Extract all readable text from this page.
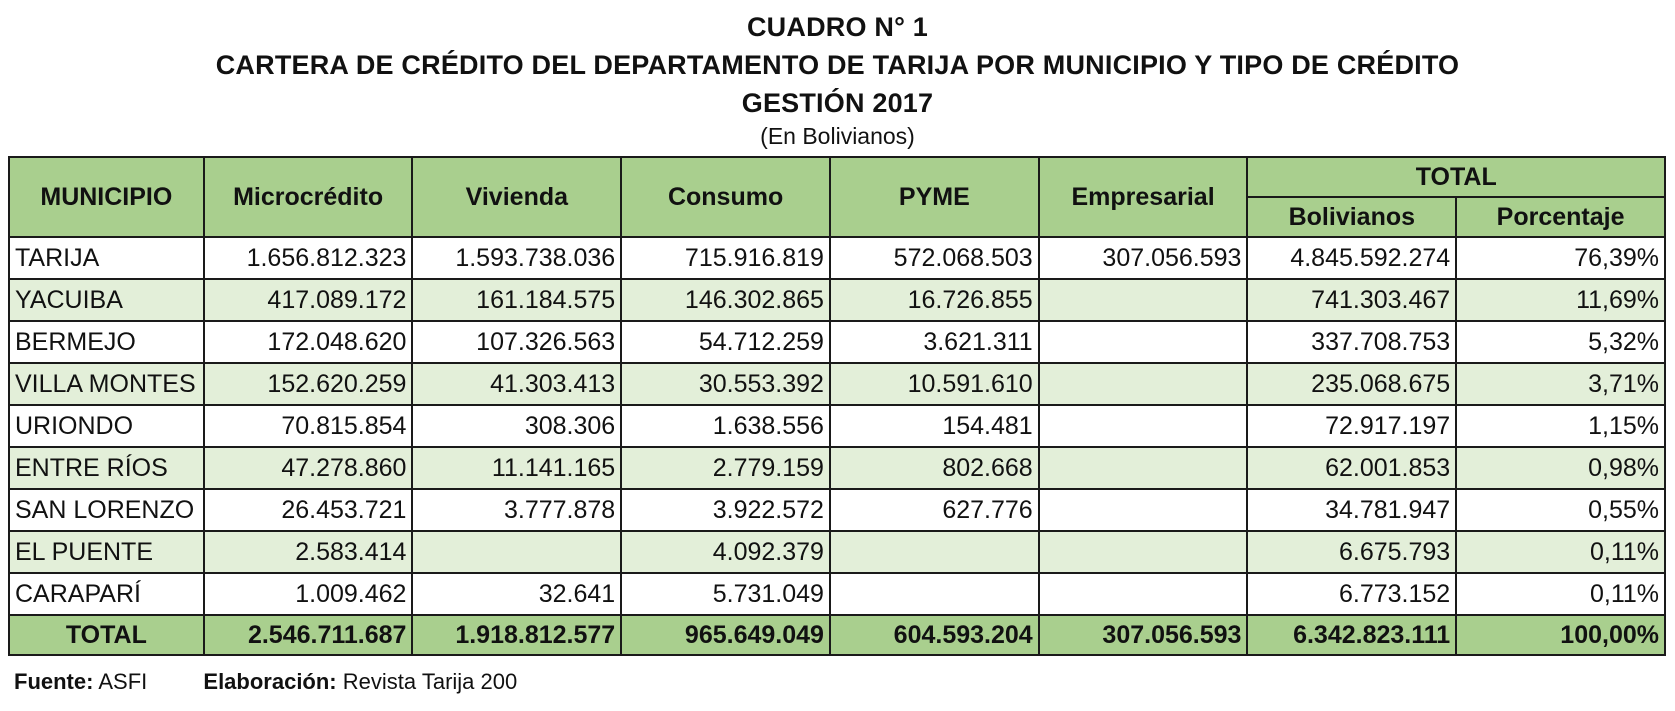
CUADRO N° 1
CARTERA DE CRÉDITO DEL DEPARTAMENTO DE TARIJA POR MUNICIPIO Y TIPO DE CRÉDITO
GESTIÓN 2017
(En Bolivianos)
MUNICIPIO	Microcrédito	Vivienda	Consumo	PYME	Empresarial	TOTAL	
						Bolivianos	Porcentaje
TARIJA	1.656.812.323	1.593.738.036	715.916.819	572.068.503	307.056.593	4.845.592.274	76,39%
YACUIBA	417.089.172	161.184.575	146.302.865	16.726.855		741.303.467	11,69%
BERMEJO	172.048.620	107.326.563	54.712.259	3.621.311		337.708.753	5,32%
VILLA MONTES	152.620.259	41.303.413	30.553.392	10.591.610		235.068.675	3,71%
URIONDO	70.815.854	308.306	1.638.556	154.481		72.917.197	1,15%
ENTRE RÍOS	47.278.860	11.141.165	2.779.159	802.668		62.001.853	0,98%
SAN LORENZO	26.453.721	3.777.878	3.922.572	627.776		34.781.947	0,55%
EL PUENTE	2.583.414		4.092.379			6.675.793	0,11%
CARAPARÍ	1.009.462	32.641	5.731.049			6.773.152	0,11%
TOTAL	2.546.711.687	1.918.812.577	965.649.049	604.593.204	307.056.593	6.342.823.111	100,00%
Fuente: ASFI	Elaboración: Revista Tarija 200
